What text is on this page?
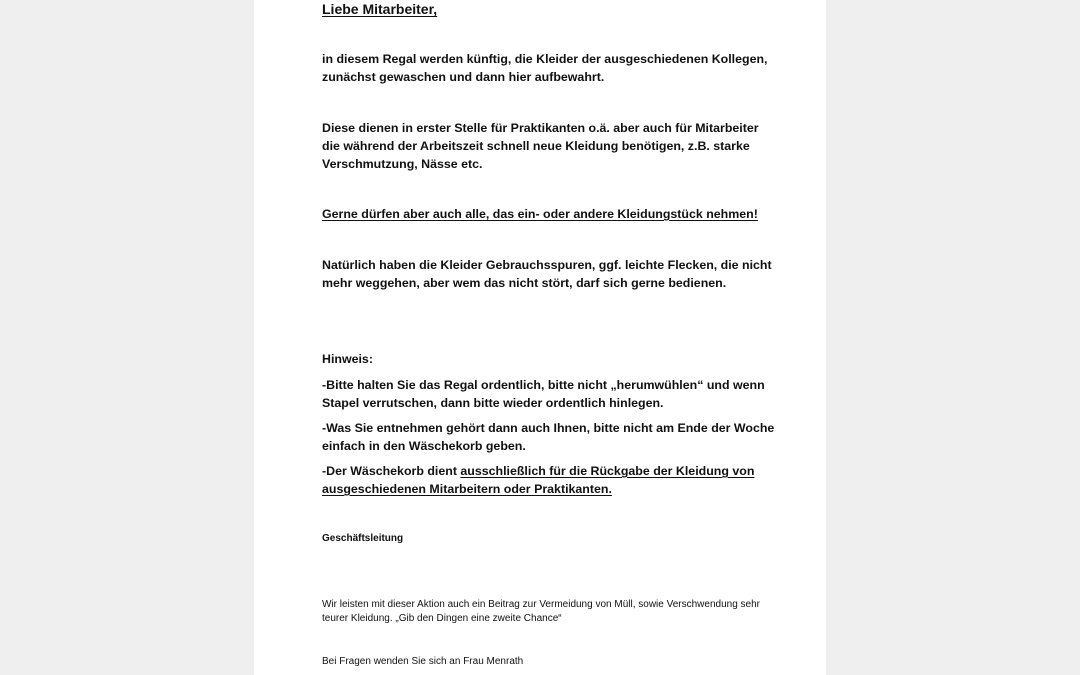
Liebe Mitarbeiter,

in diesem Regal werden künftig, die Kleider der ausgeschiedenen Kollegen,

zunächst gewaschen und dann hier aufbewahrt.

Diese dienen in erster Stelle für Praktikanten o.ä. aber auch für Mitarbeiter

die während der Arbeitszeit schnell neue Kleidung benötigen, z.B. starke

Verschmutzung, Nässe etc.

Gerne dürfen aber auch alle, das ein- oder andere Kleidungstück nehmen!

Natürlich haben die Kleider Gebrauchsspuren, ggf. leichte Flecken, die nicht

mehr weggehen, aber wem das nicht stört, darf sich gerne bedienen.

Hinweis:

-Bitte halten Sie das Regal ordentlich, bitte nicht „herumwühlen“ und wenn

Stapel verrutschen, dann bitte wieder ordentlich hinlegen.

-Was Sie entnehmen gehört dann auch Ihnen, bitte nicht am Ende der Woche

einfach in den Wäschekorb geben.

-Der Wäschekorb dient ausschließlich für die Rückgabe der Kleidung von

ausgeschiedenen Mitarbeitern oder Praktikanten.

Geschäftsleitung

Wir leisten mit dieser Aktion auch ein Beitrag zur Vermeidung von Müll, sowie Verschwendung sehr

teurer Kleidung. „Gib den Dingen eine zweite Chance“

Bei Fragen wenden Sie sich an Frau Menrath
